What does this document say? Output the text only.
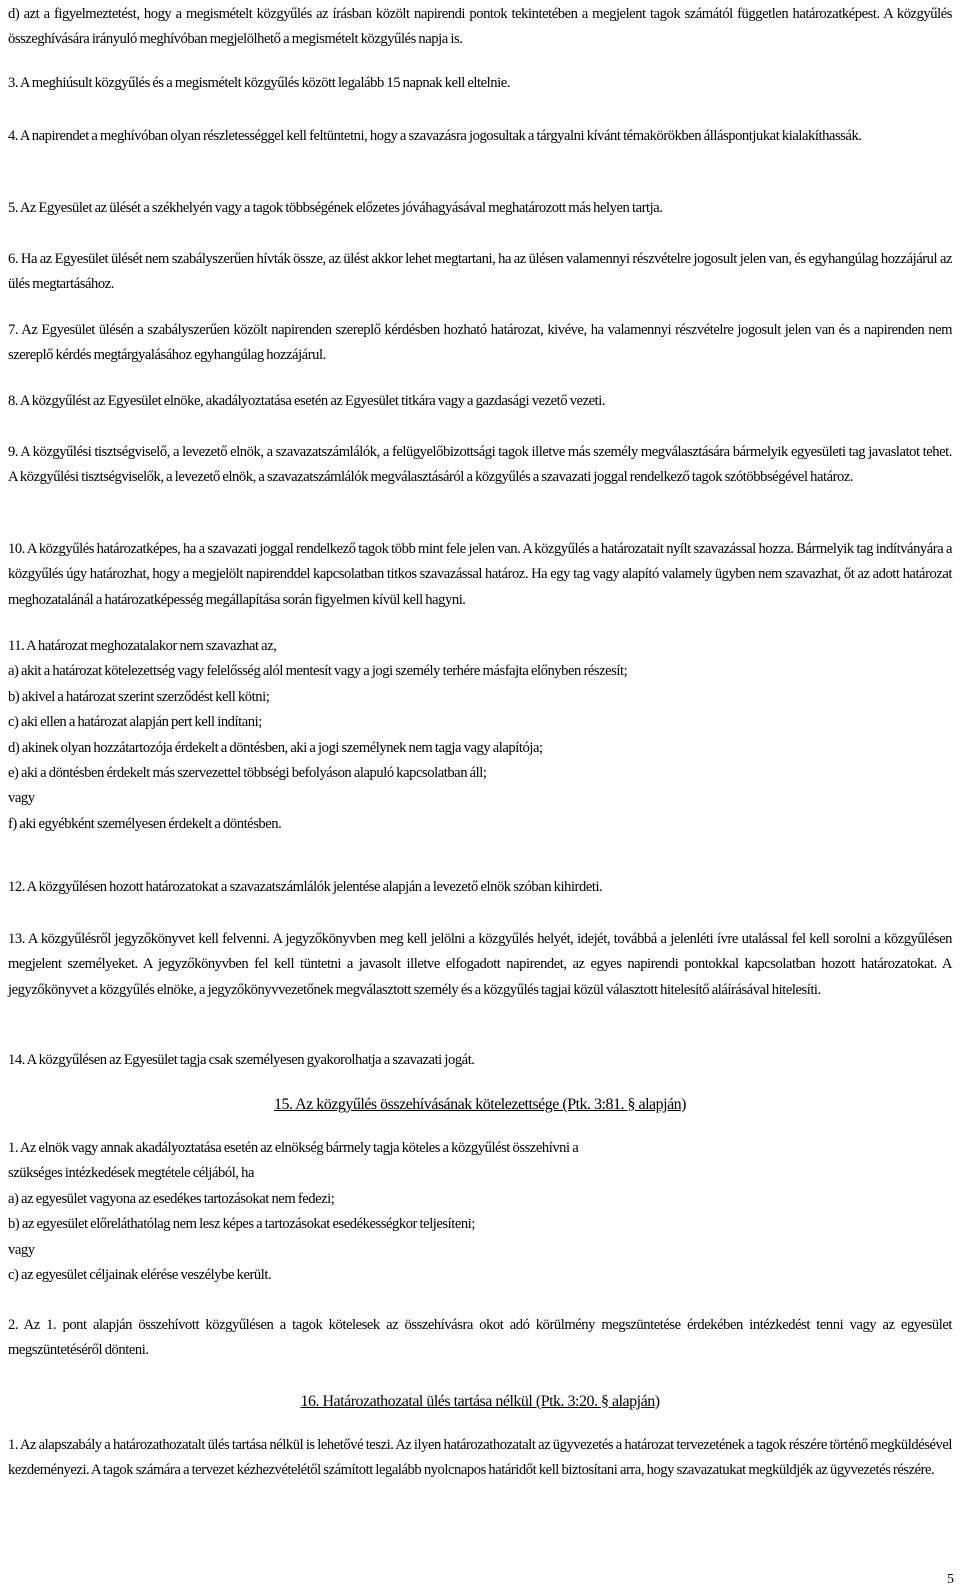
d) azt a figyelmeztetést, hogy a megismételt közgyűlés az írásban közölt napirendi pontok tekintetében a megjelent tagok számától független határozatképest. A közgyűlés összeghívására irányuló meghívóban megjelölhető a megismételt közgyűlés napja is.

3. A meghiúsult közgyűlés és a megismételt közgyűlés között legalább 15 napnak kell eltelnie.

4. A napirendet a meghívóban olyan részletességgel kell feltüntetni, hogy a szavazásra jogosultak a tárgyalni kívánt témakörökben álláspontjukat kialakíthassák.

5. Az Egyesület az ülését a székhelyén vagy a tagok többségének előzetes jóváhagyásával meghatározott más helyen tartja.

6. Ha az Egyesület ülését nem szabályszerűen hívták össze, az ülést akkor lehet megtartani, ha az ülésen valamennyi részvételre jogosult jelen van, és egyhangúlag hozzájárul az ülés megtartásához.

7. Az Egyesület ülésén a szabályszerűen közölt napirenden szereplő kérdésben hozható határozat, kivéve, ha valamennyi részvételre jogosult jelen van és a napirenden nem szereplő kérdés megtárgyalásához egyhangúlag hozzájárul.

8. A közgyűlést az Egyesület elnöke, akadályoztatása esetén az Egyesület titkára vagy a gazdasági vezető vezeti.

9. A közgyűlési tisztségviselő, a levezető elnök, a szavazatszámlálók, a felügyelőbizottsági tagok illetve más személy megválasztására bármelyik egyesületi tag javaslatot tehet. A közgyűlési tisztségviselők, a levezető elnök, a szavazatszámlálók megválasztásáról a közgyűlés a szavazati joggal rendelkező tagok szótöbbségével határoz.

10. A közgyűlés határozatképes, ha a szavazati joggal rendelkező tagok több mint fele jelen van. A közgyűlés a határozatait nyílt szavazással hozza. Bármelyik tag indítványára a közgyűlés úgy határozhat, hogy a megjelölt napirenddel kapcsolatban titkos szavazással határoz. Ha egy tag vagy alapító valamely ügyben nem szavazhat, őt az adott határozat meghozatalánál a határozatképesség megállapítása során figyelmen kívül kell hagyni.

11. A határozat meghozatalakor nem szavazhat az,
a) akit a határozat kötelezettség vagy felelősség alól mentesít vagy a jogi személy terhére másfajta előnyben részesít;
b) akivel a határozat szerint szerződést kell kötni;
c) aki ellen a határozat alapján pert kell indítani;
d) akinek olyan hozzátartozója érdekelt a döntésben, aki a jogi személynek nem tagja vagy alapítója;
e) aki a döntésben érdekelt más szervezettel többségi befolyáson alapuló kapcsolatban áll;
vagy
f) aki egyébként személyesen érdekelt a döntésben.

12. A közgyűlésen hozott határozatokat a szavazatszámlálók jelentése alapján a levezető elnök szóban kihirdeti.

13. A közgyűlésről jegyzőkönyvet kell felvenni. A jegyzőkönyvben meg kell jelölni a közgyűlés helyét, idejét, továbbá a jelenléti ívre utalással fel kell sorolni a közgyűlésen megjelent személyeket. A jegyzőkönyvben fel kell tüntetni a javasolt illetve elfogadott napirendet, az egyes napirendi pontokkal kapcsolatban hozott határozatokat. A jegyzőkönyvet a közgyűlés elnöke, a jegyzőkönyvvezetőnek megválasztott személy és a közgyűlés tagjai közül választott hitelesítő aláírásával hitelesíti.

14. A közgyűlésen az Egyesület tagja csak személyesen gyakorolhatja a szavazati jogát.

15. Az közgyűlés összehívásának kötelezettsége (Ptk. 3:81. § alapján)
1. Az elnök vagy annak akadályoztatása esetén az elnökség bármely tagja köteles a közgyűlést összehívni a
szükséges intézkedések megtétele céljából, ha
a) az egyesület vagyona az esedékes tartozásokat nem fedezi;
b) az egyesület előreláthatólag nem lesz képes a tartozásokat esedékességkor teljesíteni;
vagy
c) az egyesület céljainak elérése veszélybe került.

2. Az 1. pont alapján összehívott közgyűlésen a tagok kötelesek az összehívásra okot adó körülmény megszüntetése érdekében intézkedést tenni vagy az egyesület megszüntetéséről dönteni.

16. Határozathozatal ülés tartása nélkül (Ptk. 3:20. § alapján)

1. Az alapszabály a határozathozatalt ülés tartása nélkül is lehetővé teszi. Az ilyen határozathozatalt az ügyvezetés a határozat tervezetének a tagok részére történő megküldésével kezdeményezi. A tagok számára a tervezet kézhezvételétől számított legalább nyolcnapos határidőt kell biztosítani arra, hogy szavazatukat megküldjék az ügyvezetés részére.

5
